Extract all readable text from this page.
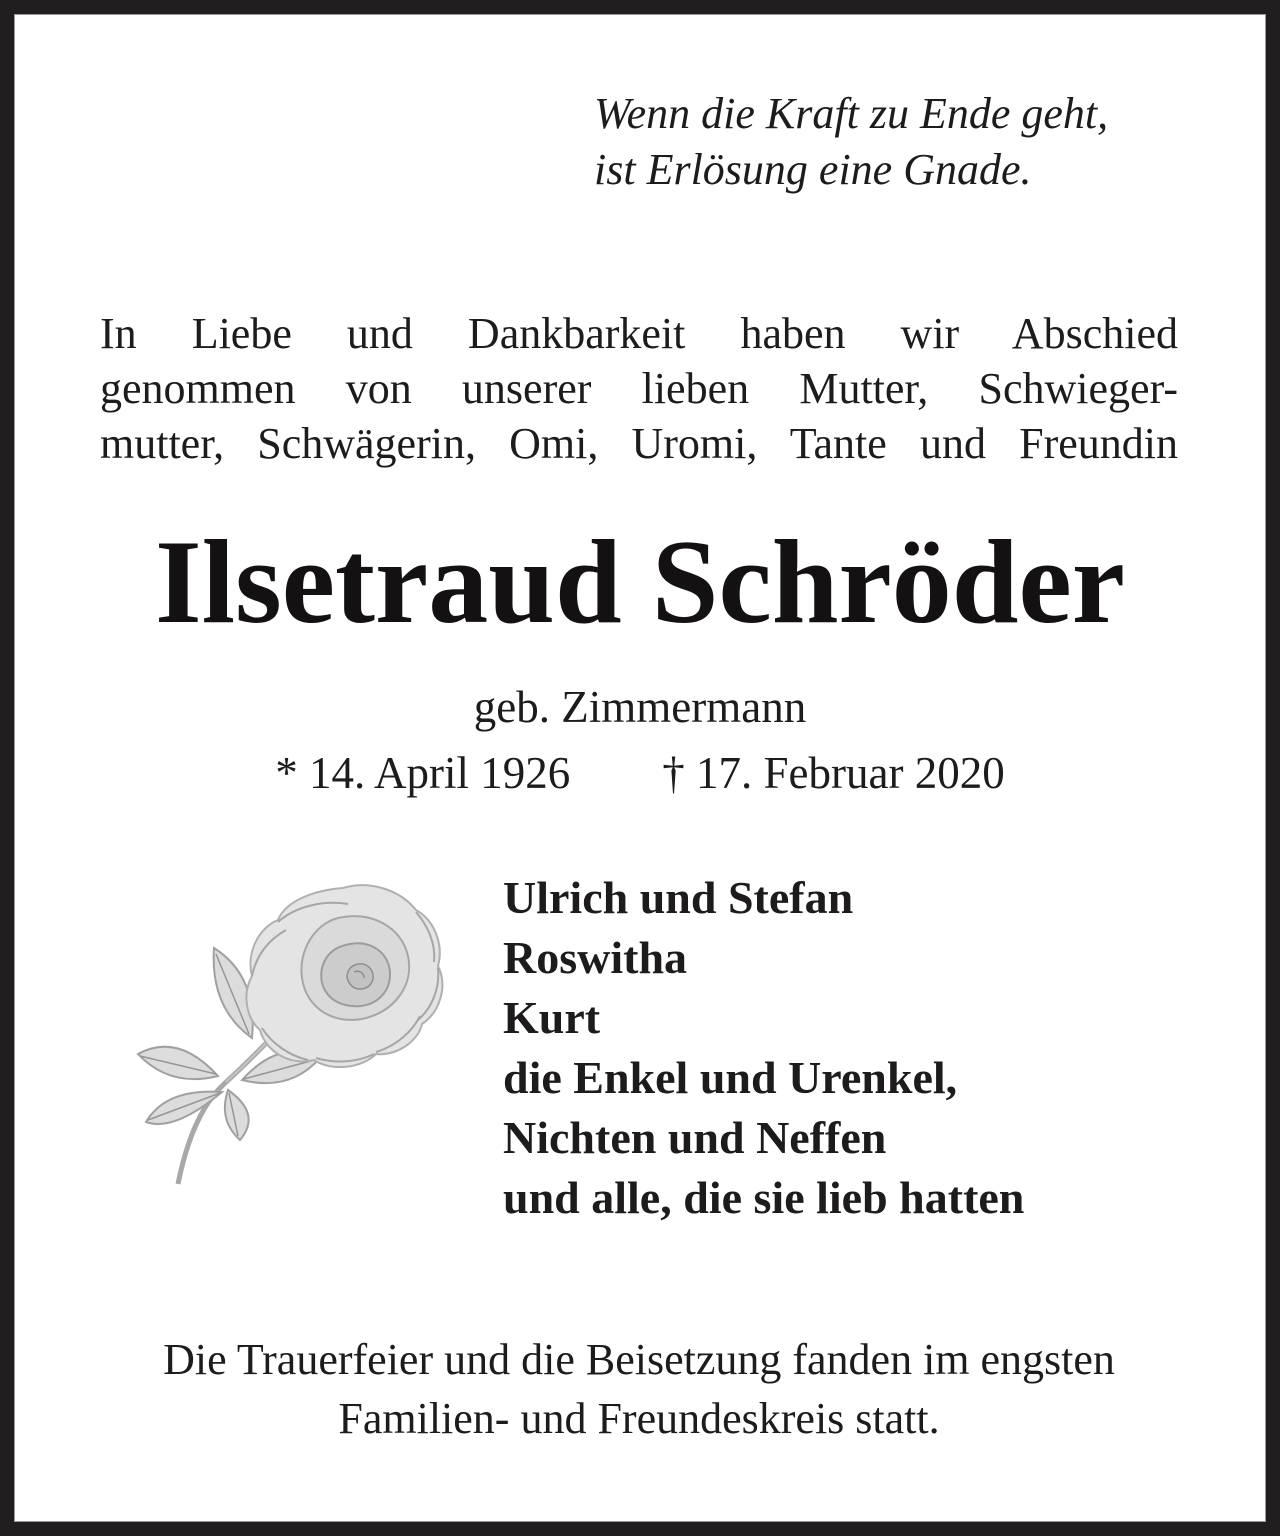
Wenn die Kraft zu Ende geht,
ist Erlösung eine Gnade.
In Liebe und Dankbarkeit haben wir Abschied
genommen von unserer lieben Mutter, Schwieger-
mutter, Schwägerin, Omi, Uromi, Tante und Freundin
Ilsetraud Schröder
geb. Zimmermann
* 14. April 1926 † 17. Februar 2020
Ulrich und Stefan
Roswitha
Kurt
die Enkel und Urenkel,
Nichten und Neffen
und alle, die sie lieb hatten
Die Trauerfeier und die Beisetzung fanden im engsten
Familien- und Freundeskreis statt.
